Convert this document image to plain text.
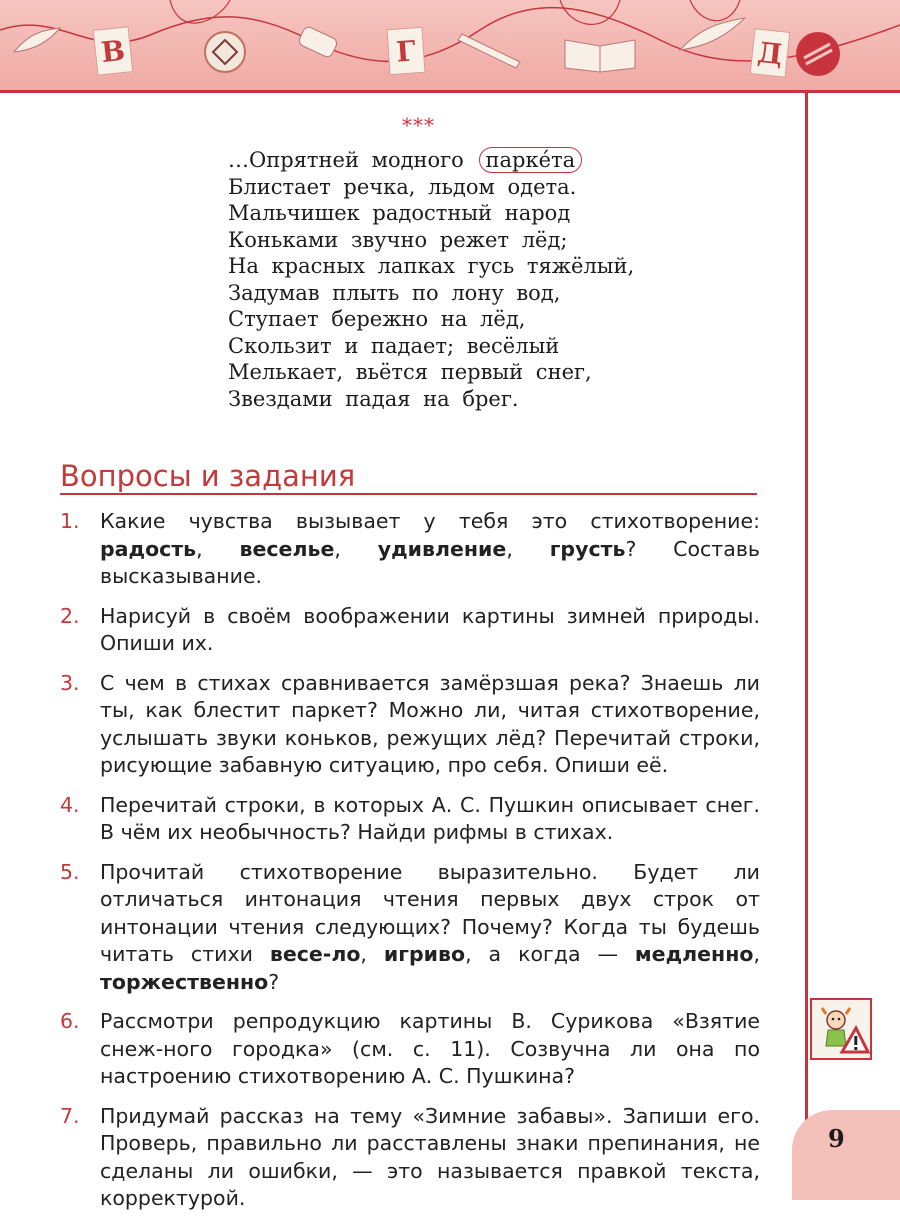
В	Г	Д
***
…Опрятней модного паркéта
Блистает речка, льдом одета.
Мальчишек радостный народ
Коньками звучно режет лёд;
На красных лапках гусь тяжёлый,
Задумав плыть по лону вод,
Ступает бережно на лёд,
Скользит и падает; весёлый
Мелькает, вьётся первый снег,
Звездами падая на брег.
Вопросы и задания
1. Какие чувства вызывает у тебя это стихотворение: радость, веселье, удивление, грусть? Составь высказывание.
2. Нарисуй в своём воображении картины зимней природы. Опиши их.
3. С чем в стихах сравнивается замёрзшая река? Знаешь ли ты, как блестит паркет? Можно ли, читая стихотворение, услышать звуки коньков, режущих лёд? Перечитай строки, рисующие забавную ситуацию, про себя. Опиши её.
4. Перечитай строки, в которых А. С. Пушкин описывает снег. В чём их необычность? Найди рифмы в стихах.
5. Прочитай стихотворение выразительно. Будет ли отличаться интонация чтения первых двух строк от интонации чтения следующих? Почему? Когда ты будешь читать стихи весе-ло, игриво, а когда — медленно, торжественно?
6. Рассмотри репродукцию картины В. Сурикова «Взятие снеж-ного городка» (см. с. 11). Созвучна ли она по настроению стихотворению А. С. Пушкина?
7. Придумай рассказ на тему «Зимние забавы». Запиши его. Проверь, правильно ли расставлены знаки препинания, не сделаны ли ошибки, — это называется правкой текста, корректурой.
9
